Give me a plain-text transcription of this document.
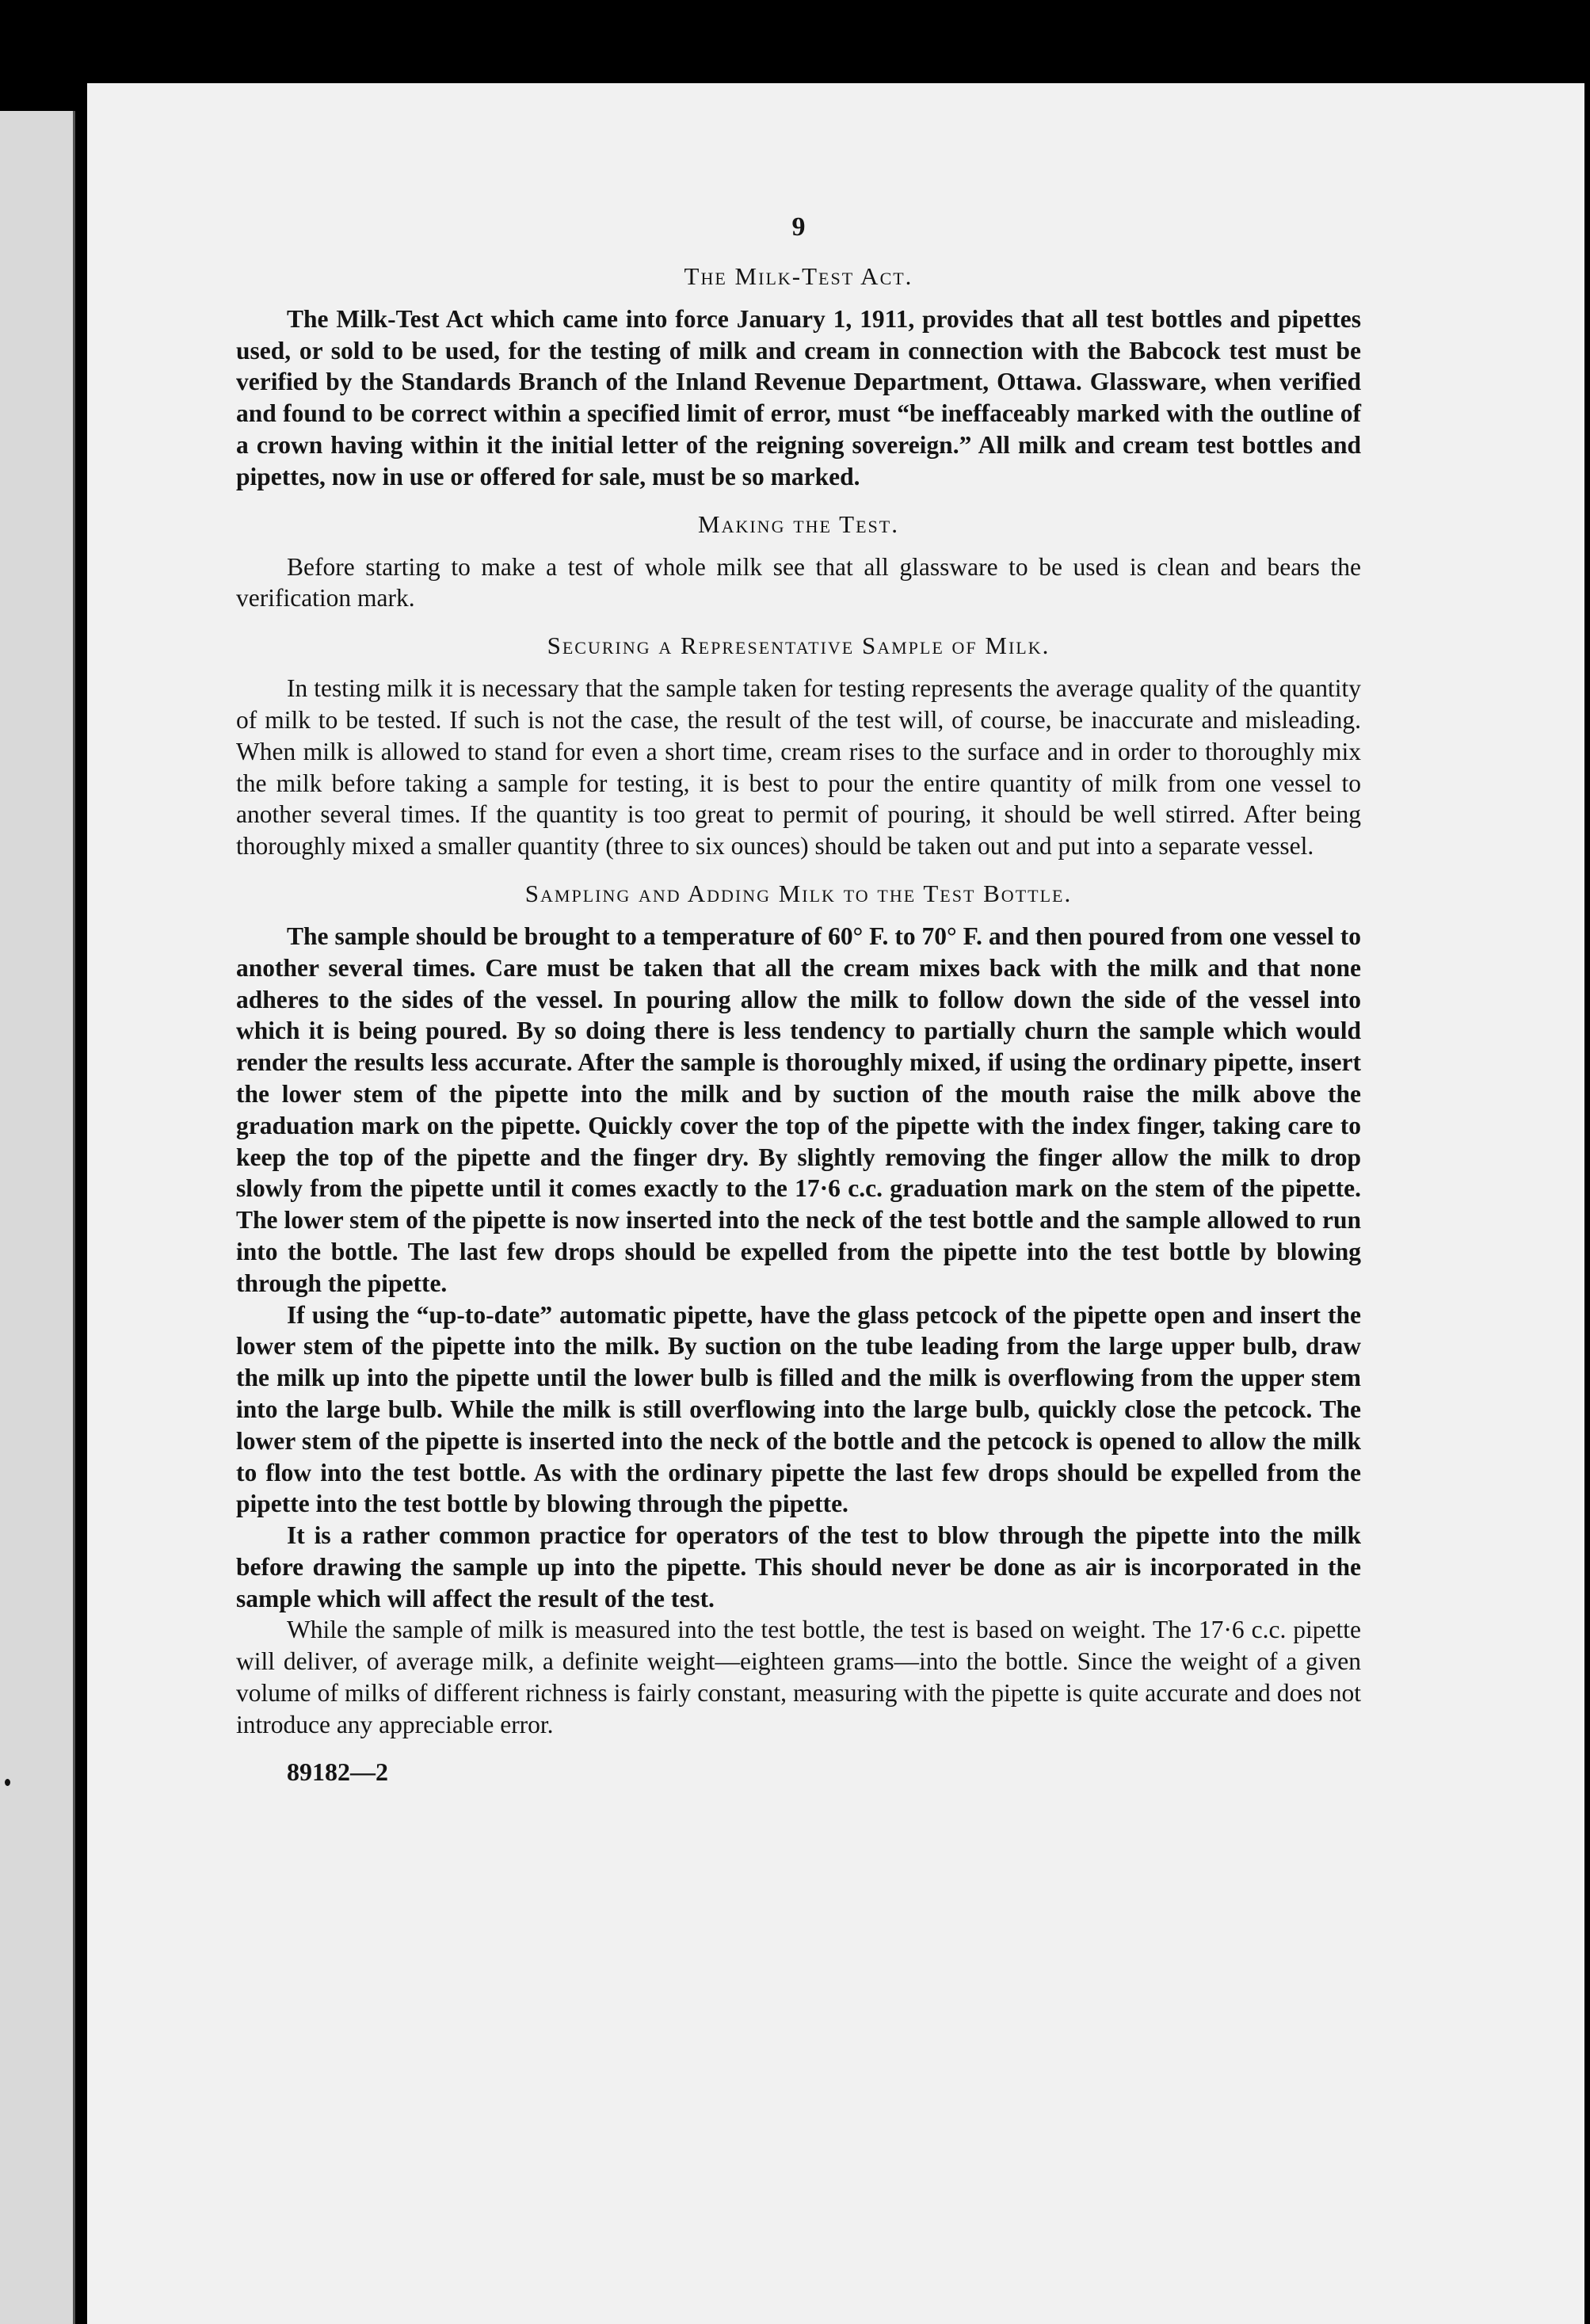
9
The Milk-Test Act.

The Milk-Test Act which came into force January 1, 1911, provides that all test bottles and pipettes used, or sold to be used, for the testing of milk and cream in connection with the Babcock test must be verified by the Standards Branch of the Inland Revenue Department, Ottawa. Glassware, when verified and found to be correct within a specified limit of error, must “be ineffaceably marked with the outline of a crown having within it the initial letter of the reigning sovereign.” All milk and cream test bottles and pipettes, now in use or offered for sale, must be so marked.

Making the Test.

Before starting to make a test of whole milk see that all glassware to be used is clean and bears the verification mark.

Securing a Representative Sample of Milk.

In testing milk it is necessary that the sample taken for testing represents the average quality of the quantity of milk to be tested. If such is not the case, the result of the test will, of course, be inaccurate and misleading. When milk is allowed to stand for even a short time, cream rises to the surface and in order to thoroughly mix the milk before taking a sample for testing, it is best to pour the entire quantity of milk from one vessel to another several times. If the quantity is too great to permit of pouring, it should be well stirred. After being thoroughly mixed a smaller quantity (three to six ounces) should be taken out and put into a separate vessel.

Sampling and Adding Milk to the Test Bottle.

The sample should be brought to a temperature of 60° F. to 70° F. and then poured from one vessel to another several times. Care must be taken that all the cream mixes back with the milk and that none adheres to the sides of the vessel. In pouring allow the milk to follow down the side of the vessel into which it is being poured. By so doing there is less tendency to partially churn the sample which would render the results less accurate. After the sample is thoroughly mixed, if using the ordinary pipette, insert the lower stem of the pipette into the milk and by suction of the mouth raise the milk above the graduation mark on the pipette. Quickly cover the top of the pipette with the index finger, taking care to keep the top of the pipette and the finger dry. By slightly removing the finger allow the milk to drop slowly from the pipette until it comes exactly to the 17·6 c.c. graduation mark on the stem of the pipette. The lower stem of the pipette is now inserted into the neck of the test bottle and the sample allowed to run into the bottle. The last few drops should be expelled from the pipette into the test bottle by blowing through the pipette.

If using the “up-to-date” automatic pipette, have the glass petcock of the pipette open and insert the lower stem of the pipette into the milk. By suction on the tube leading from the large upper bulb, draw the milk up into the pipette until the lower bulb is filled and the milk is overflowing from the upper stem into the large bulb. While the milk is still overflowing into the large bulb, quickly close the petcock. The lower stem of the pipette is inserted into the neck of the bottle and the petcock is opened to allow the milk to flow into the test bottle. As with the ordinary pipette the last few drops should be expelled from the pipette into the test bottle by blowing through the pipette.

It is a rather common practice for operators of the test to blow through the pipette into the milk before drawing the sample up into the pipette. This should never be done as air is incorporated in the sample which will affect the result of the test.

While the sample of milk is measured into the test bottle, the test is based on weight. The 17·6 c.c. pipette will deliver, of average milk, a definite weight—eighteen grams—into the bottle. Since the weight of a given volume of milks of different richness is fairly constant, measuring with the pipette is quite accurate and does not introduce any appreciable error.

89182—2
